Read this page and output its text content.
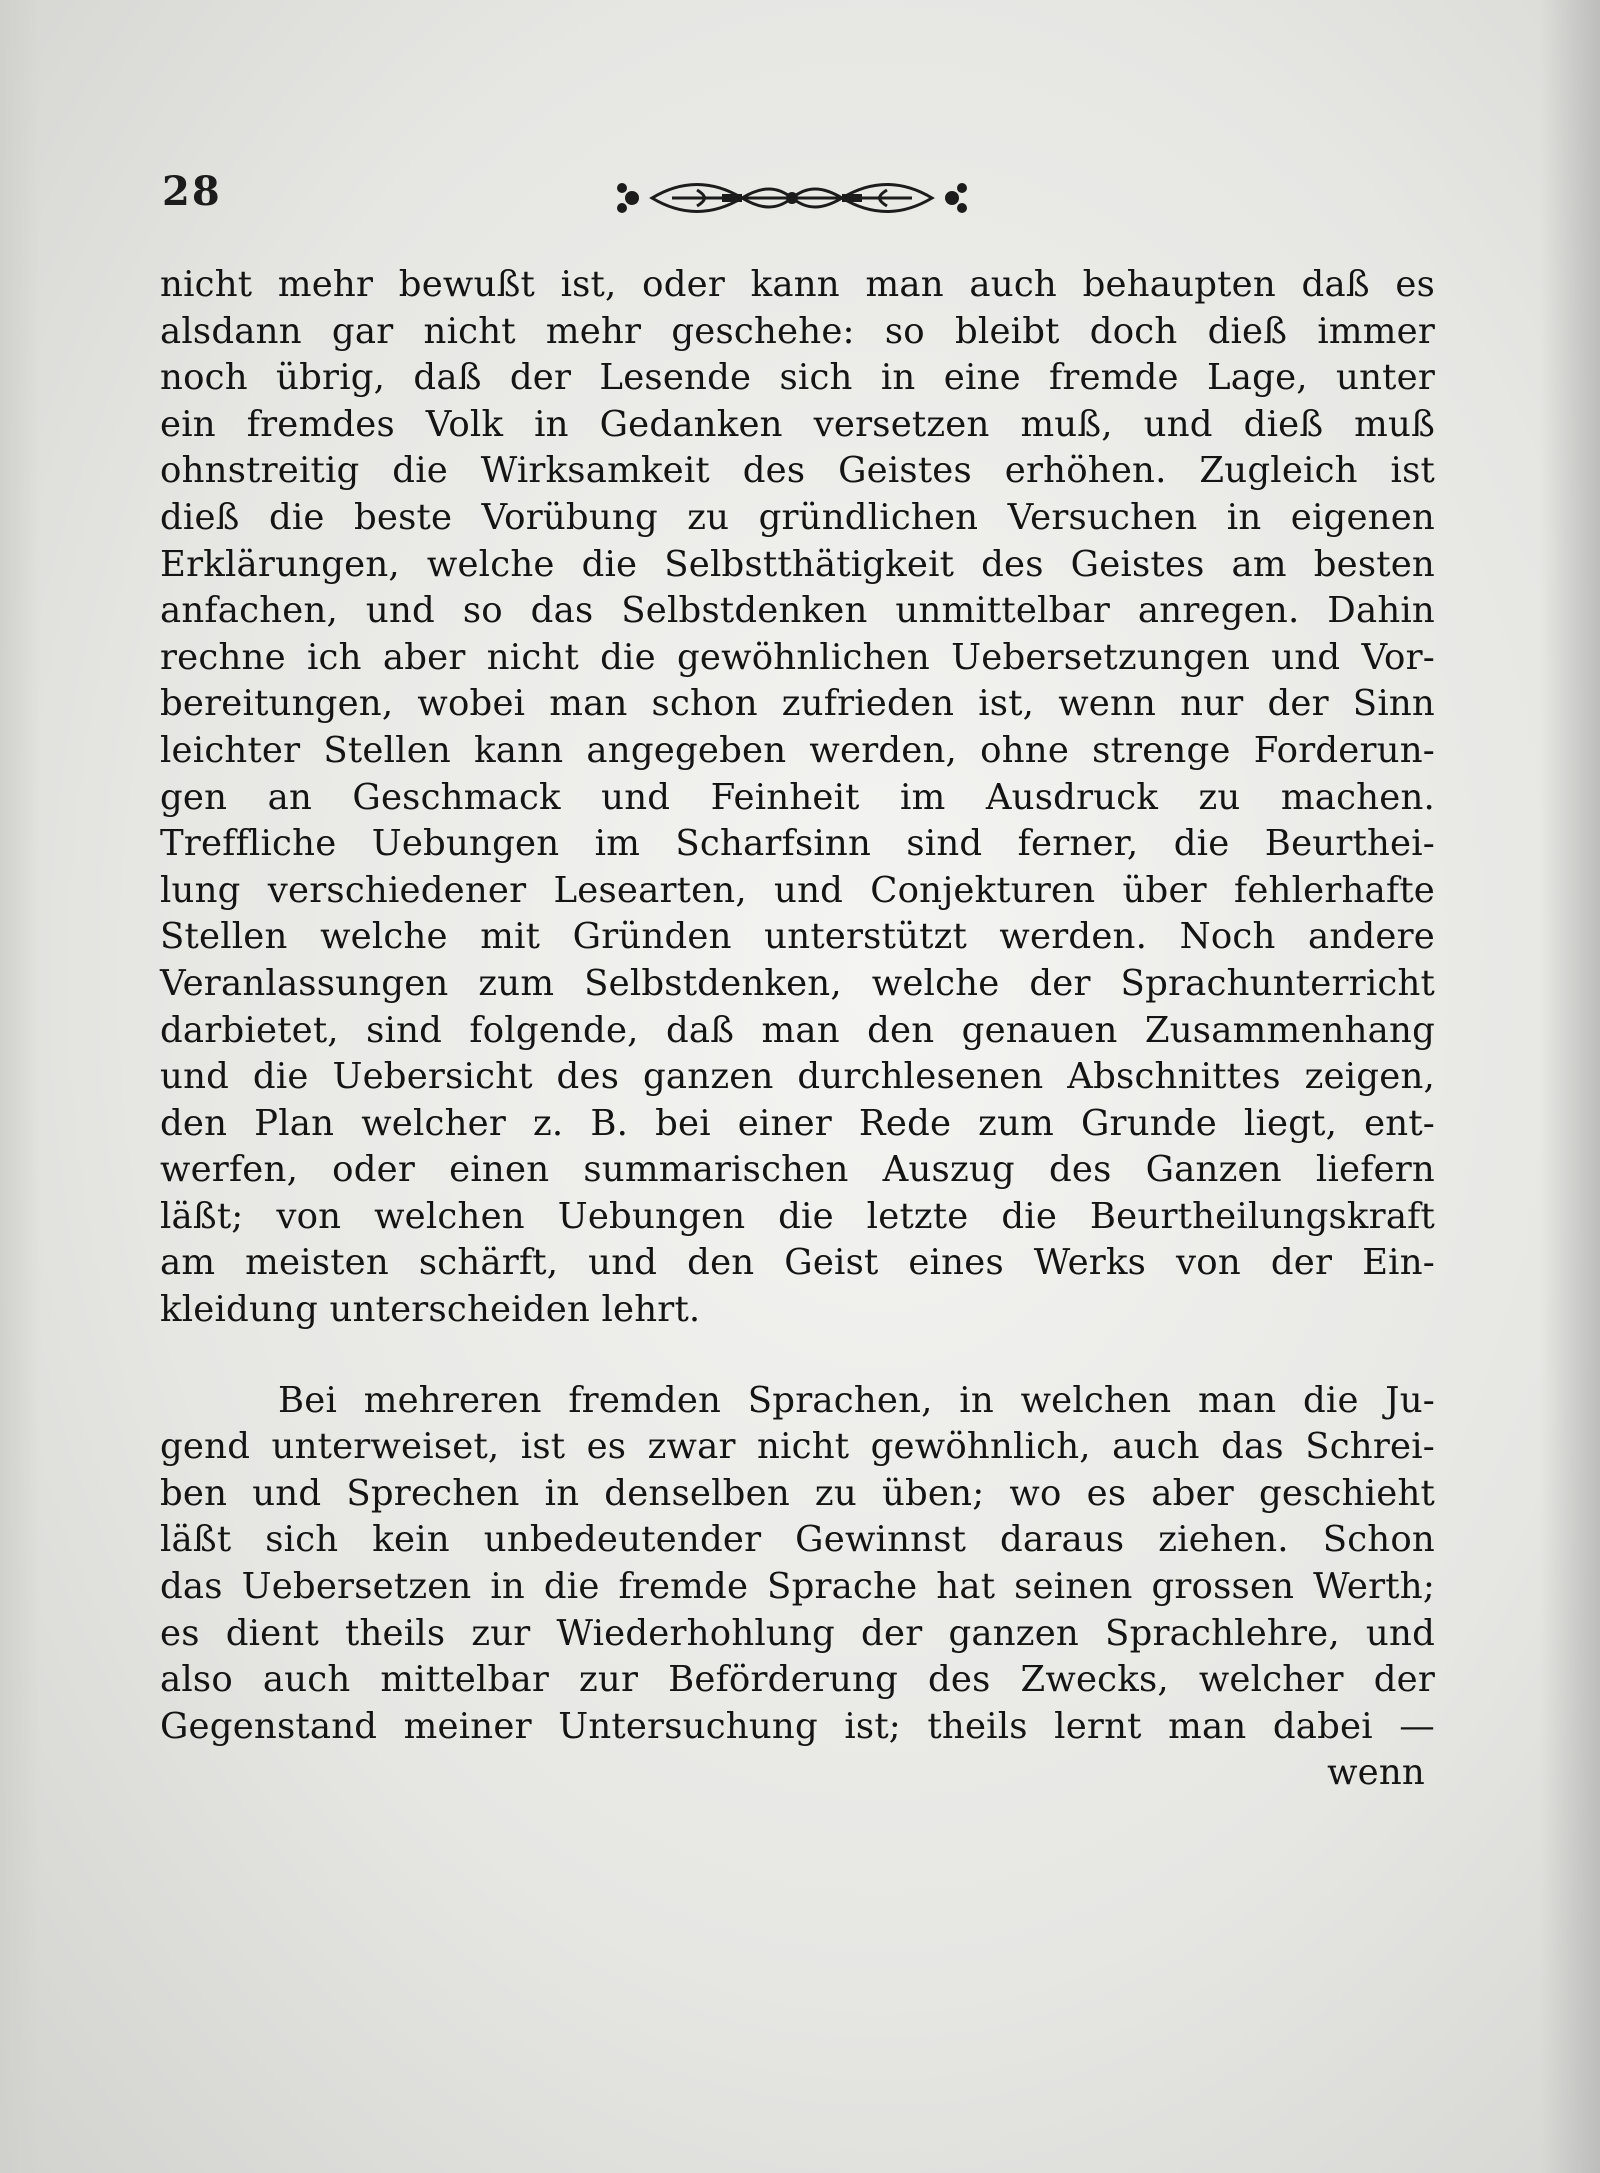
28

nicht mehr bewußt ist, oder kann man auch behaupten daß es
alsdann gar nicht mehr geschehe: so bleibt doch dieß immer
noch übrig, daß der Lesende sich in eine fremde Lage, unter
ein fremdes Volk in Gedanken versetzen muß, und dieß muß
ohnstreitig die Wirksamkeit des Geistes erhöhen. Zugleich ist
dieß die beste Vorübung zu gründlichen Versuchen in eigenen
Erklärungen, welche die Selbstthätigkeit des Geistes am besten
anfachen, und so das Selbstdenken unmittelbar anregen. Dahin
rechne ich aber nicht die gewöhnlichen Uebersetzungen und Vor-
bereitungen, wobei man schon zufrieden ist, wenn nur der Sinn
leichter Stellen kann angegeben werden, ohne strenge Forderun-
gen an Geschmack und Feinheit im Ausdruck zu machen.
Treffliche Uebungen im Scharfsinn sind ferner, die Beurthei-
lung verschiedener Lesearten, und Conjekturen über fehlerhafte
Stellen welche mit Gründen unterstützt werden. Noch andere
Veranlassungen zum Selbstdenken, welche der Sprachunterricht
darbietet, sind folgende, daß man den genauen Zusammenhang
und die Uebersicht des ganzen durchlesenen Abschnittes zeigen,
den Plan welcher z. B. bei einer Rede zum Grunde liegt, ent-
werfen, oder einen summarischen Auszug des Ganzen liefern
läßt; von welchen Uebungen die letzte die Beurtheilungskraft
am meisten schärft, und den Geist eines Werks von der Ein-
kleidung unterscheiden lehrt.

Bei mehreren fremden Sprachen, in welchen man die Ju-
gend unterweiset, ist es zwar nicht gewöhnlich, auch das Schrei-
ben und Sprechen in denselben zu üben; wo es aber geschieht
läßt sich kein unbedeutender Gewinnst daraus ziehen. Schon
das Uebersetzen in die fremde Sprache hat seinen grossen Werth;
es dient theils zur Wiederhohlung der ganzen Sprachlehre, und
also auch mittelbar zur Beförderung des Zwecks, welcher der
Gegenstand meiner Untersuchung ist; theils lernt man dabei —

wenn
